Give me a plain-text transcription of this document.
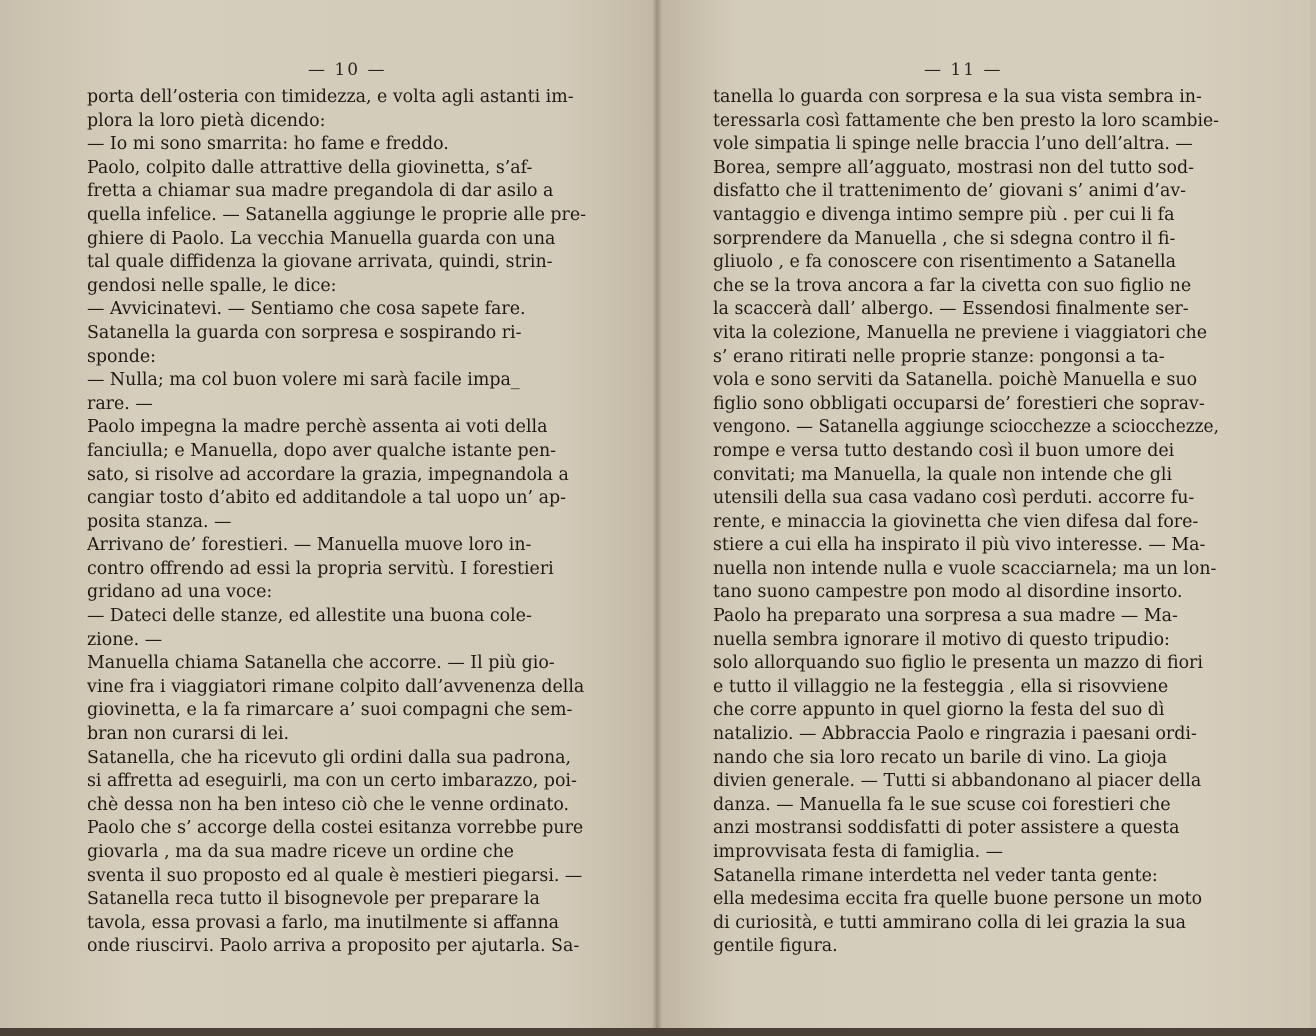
— 10 —
porta dell’osteria con timidezza, e volta agli astanti im-
plora la loro pietà dicendo:
— Io mi sono smarrita: ho fame e freddo.
Paolo, colpito dalle attrattive della giovinetta, s’af-
fretta a chiamar sua madre pregandola di dar asilo a
quella infelice. — Satanella aggiunge le proprie alle pre-
ghiere di Paolo. La vecchia Manuella guarda con una
tal quale diffidenza la giovane arrivata, quindi, strin-
gendosi nelle spalle, le dice:
— Avvicinatevi. — Sentiamo che cosa sapete fare.
Satanella la guarda con sorpresa e sospirando ri-
sponde:
— Nulla; ma col buon volere mi sarà facile impa_
rare. —
Paolo impegna la madre perchè assenta ai voti della
fanciulla; e Manuella, dopo aver qualche istante pen-
sato, si risolve ad accordare la grazia, impegnandola a
cangiar tosto d’abito ed additandole a tal uopo un’ ap-
posita stanza. —
Arrivano de’ forestieri. — Manuella muove loro in-
contro offrendo ad essi la propria servitù. I forestieri
gridano ad una voce:
— Dateci delle stanze, ed allestite una buona cole-
zione. —
Manuella chiama Satanella che accorre. — Il più gio-
vine fra i viaggiatori rimane colpito dall’avvenenza della
giovinetta, e la fa rimarcare a’ suoi compagni che sem-
bran non curarsi di lei.
Satanella, che ha ricevuto gli ordini dalla sua padrona,
si affretta ad eseguirli, ma con un certo imbarazzo, poi-
chè dessa non ha ben inteso ciò che le venne ordinato.
Paolo che s’ accorge della costei esitanza vorrebbe pure
giovarla , ma da sua madre riceve un ordine che
sventa il suo proposto ed al quale è mestieri piegarsi. —
Satanella reca tutto il bisognevole per preparare la
tavola, essa provasi a farlo, ma inutilmente si affanna
onde riuscirvi. Paolo arriva a proposito per ajutarla. Sa-
— 11 —
tanella lo guarda con sorpresa e la sua vista sembra in-
teressarla così fattamente che ben presto la loro scambie-
vole simpatia li spinge nelle braccia l’uno dell’altra. —
Borea, sempre all’agguato, mostrasi non del tutto sod-
disfatto che il trattenimento de’ giovani s’ animi d’av-
vantaggio e divenga intimo sempre più . per cui li fa
sorprendere da Manuella , che si sdegna contro il fi-
gliuolo , e fa conoscere con risentimento a Satanella
che se la trova ancora a far la civetta con suo figlio ne
la scaccerà dall’ albergo. — Essendosi finalmente ser-
vita la colezione, Manuella ne previene i viaggiatori che
s’ erano ritirati nelle proprie stanze: pongonsi a ta-
vola e sono serviti da Satanella. poichè Manuella e suo
figlio sono obbligati occuparsi de’ forestieri che soprav-
vengono. — Satanella aggiunge sciocchezze a sciocchezze,
rompe e versa tutto destando così il buon umore dei
convitati; ma Manuella, la quale non intende che gli
utensili della sua casa vadano così perduti. accorre fu-
rente, e minaccia la giovinetta che vien difesa dal fore-
stiere a cui ella ha inspirato il più vivo interesse. — Ma-
nuella non intende nulla e vuole scacciarnela; ma un lon-
tano suono campestre pon modo al disordine insorto.
Paolo ha preparato una sorpresa a sua madre — Ma-
nuella sembra ignorare il motivo di questo tripudio:
solo allorquando suo figlio le presenta un mazzo di fiori
e tutto il villaggio ne la festeggia , ella si risovviene
che corre appunto in quel giorno la festa del suo dì
natalizio. — Abbraccia Paolo e ringrazia i paesani ordi-
nando che sia loro recato un barile di vino. La gioja
divien generale. — Tutti si abbandonano al piacer della
danza. — Manuella fa le sue scuse coi forestieri che
anzi mostransi soddisfatti di poter assistere a questa
improvvisata festa di famiglia. —
Satanella rimane interdetta nel veder tanta gente:
ella medesima eccita fra quelle buone persone un moto
di curiosità, e tutti ammirano colla di lei grazia la sua
gentile figura.
